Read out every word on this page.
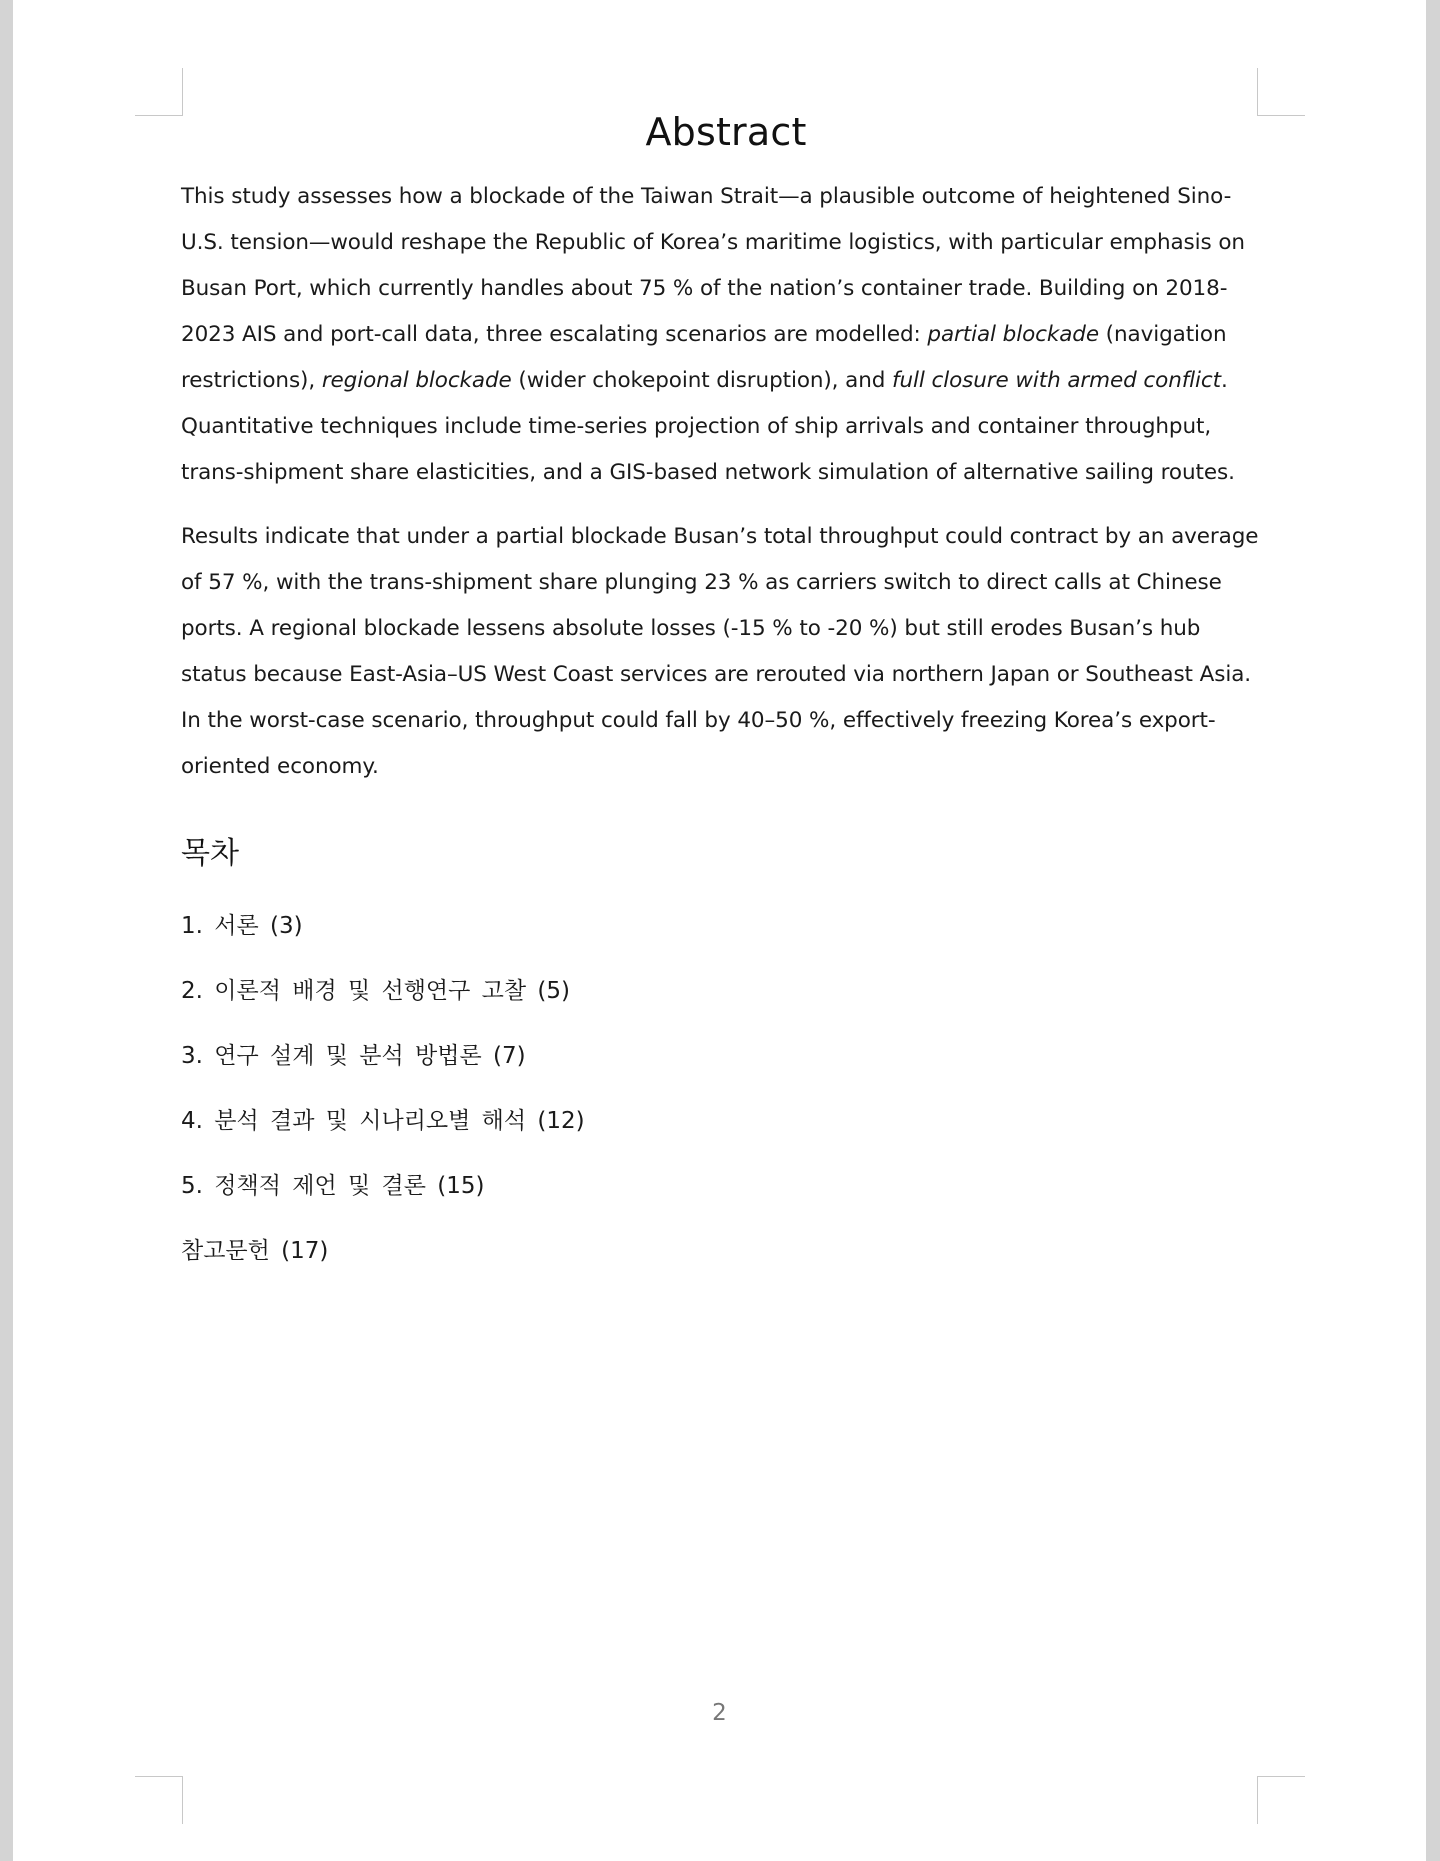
Abstract

This study assesses how a blockade of the Taiwan Strait—a plausible outcome of heightened Sino-U.S. tension—would reshape the Republic of Korea’s maritime logistics, with particular emphasis on Busan Port, which currently handles about 75 % of the nation’s container trade. Building on 2018-2023 AIS and port-call data, three escalating scenarios are modelled: partial blockade (navigation restrictions), regional blockade (wider chokepoint disruption), and full closure with armed conflict. Quantitative techniques include time-series projection of ship arrivals and container throughput, trans-shipment share elasticities, and a GIS-based network simulation of alternative sailing routes.

Results indicate that under a partial blockade Busan’s total throughput could contract by an average of 57 %, with the trans-shipment share plunging 23 % as carriers switch to direct calls at Chinese ports. A regional blockade lessens absolute losses (-15 % to -20 %) but still erodes Busan’s hub status because East-Asia–US West Coast services are rerouted via northern Japan or Southeast Asia. In the worst-case scenario, throughput could fall by 40–50 %, effectively freezing Korea’s export-oriented economy.

목차
1. 서론 (3)
2. 이론적 배경 및 선행연구 고찰 (5)
3. 연구 설계 및 분석 방법론 (7)
4. 분석 결과 및 시나리오별 해석 (12)
5. 정책적 제언 및 결론 (15)
참고문헌 (17)
2
